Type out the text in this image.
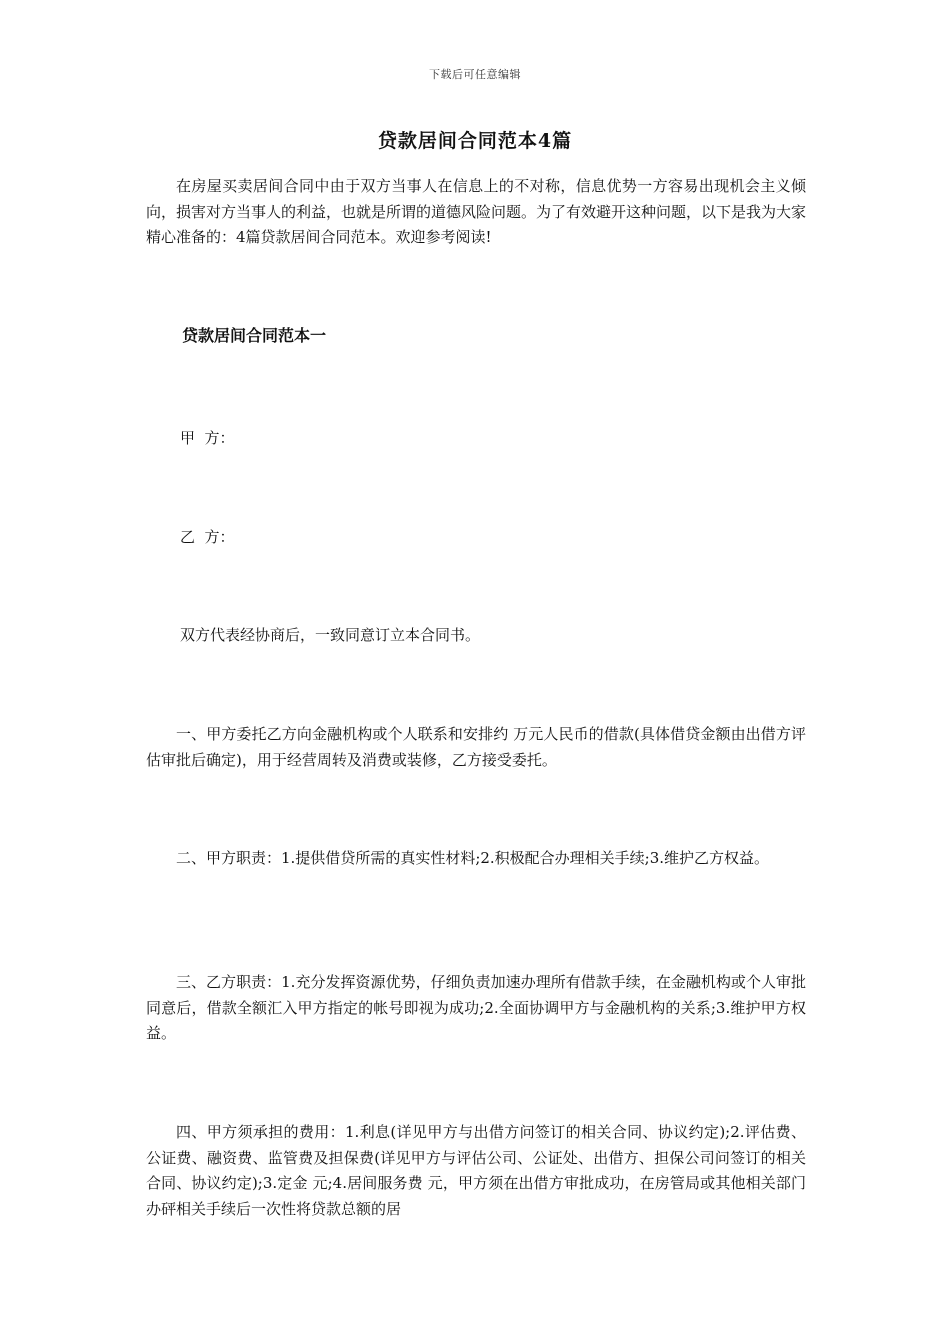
下载后可任意编辑
贷款居间合同范本4篇

在房屋买卖居间合同中由于双方当事人在信息上的不对称，信息优势一方容易出现机会主义倾向，损害对方当事人的利益，也就是所谓的道德风险问题。为了有效避开这种问题，以下是我为大家精心准备的：4篇贷款居间合同范本。欢迎参考阅读!

贷款居间合同范本一

甲  方：

乙  方：

双方代表经协商后，一致同意订立本合同书。

一、甲方委托乙方向金融机构或个人联系和安排约 万元人民币的借款(具体借贷金额由出借方评估审批后确定)，用于经营周转及消费或装修，乙方接受委托。

二、甲方职责：1.提供借贷所需的真实性材料;2.积极配合办理相关手续;3.维护乙方权益。

三、乙方职责：1.充分发挥资源优势，仔细负责加速办理所有借款手续，在金融机构或个人审批同意后，借款全额汇入甲方指定的帐号即视为成功;2.全面协调甲方与金融机构的关系;3.维护甲方权益。

四、甲方须承担的费用：1.利息(详见甲方与出借方问签订的相关合同、协议约定);2.评估费、公证费、融资费、监管费及担保费(详见甲方与评估公司、公证处、出借方、担保公司问签订的相关合同、协议约定);3.定金 元;4.居间服务费 元，甲方须在出借方审批成功，在房管局或其他相关部门办砰相关手续后一次性将贷款总额的居
